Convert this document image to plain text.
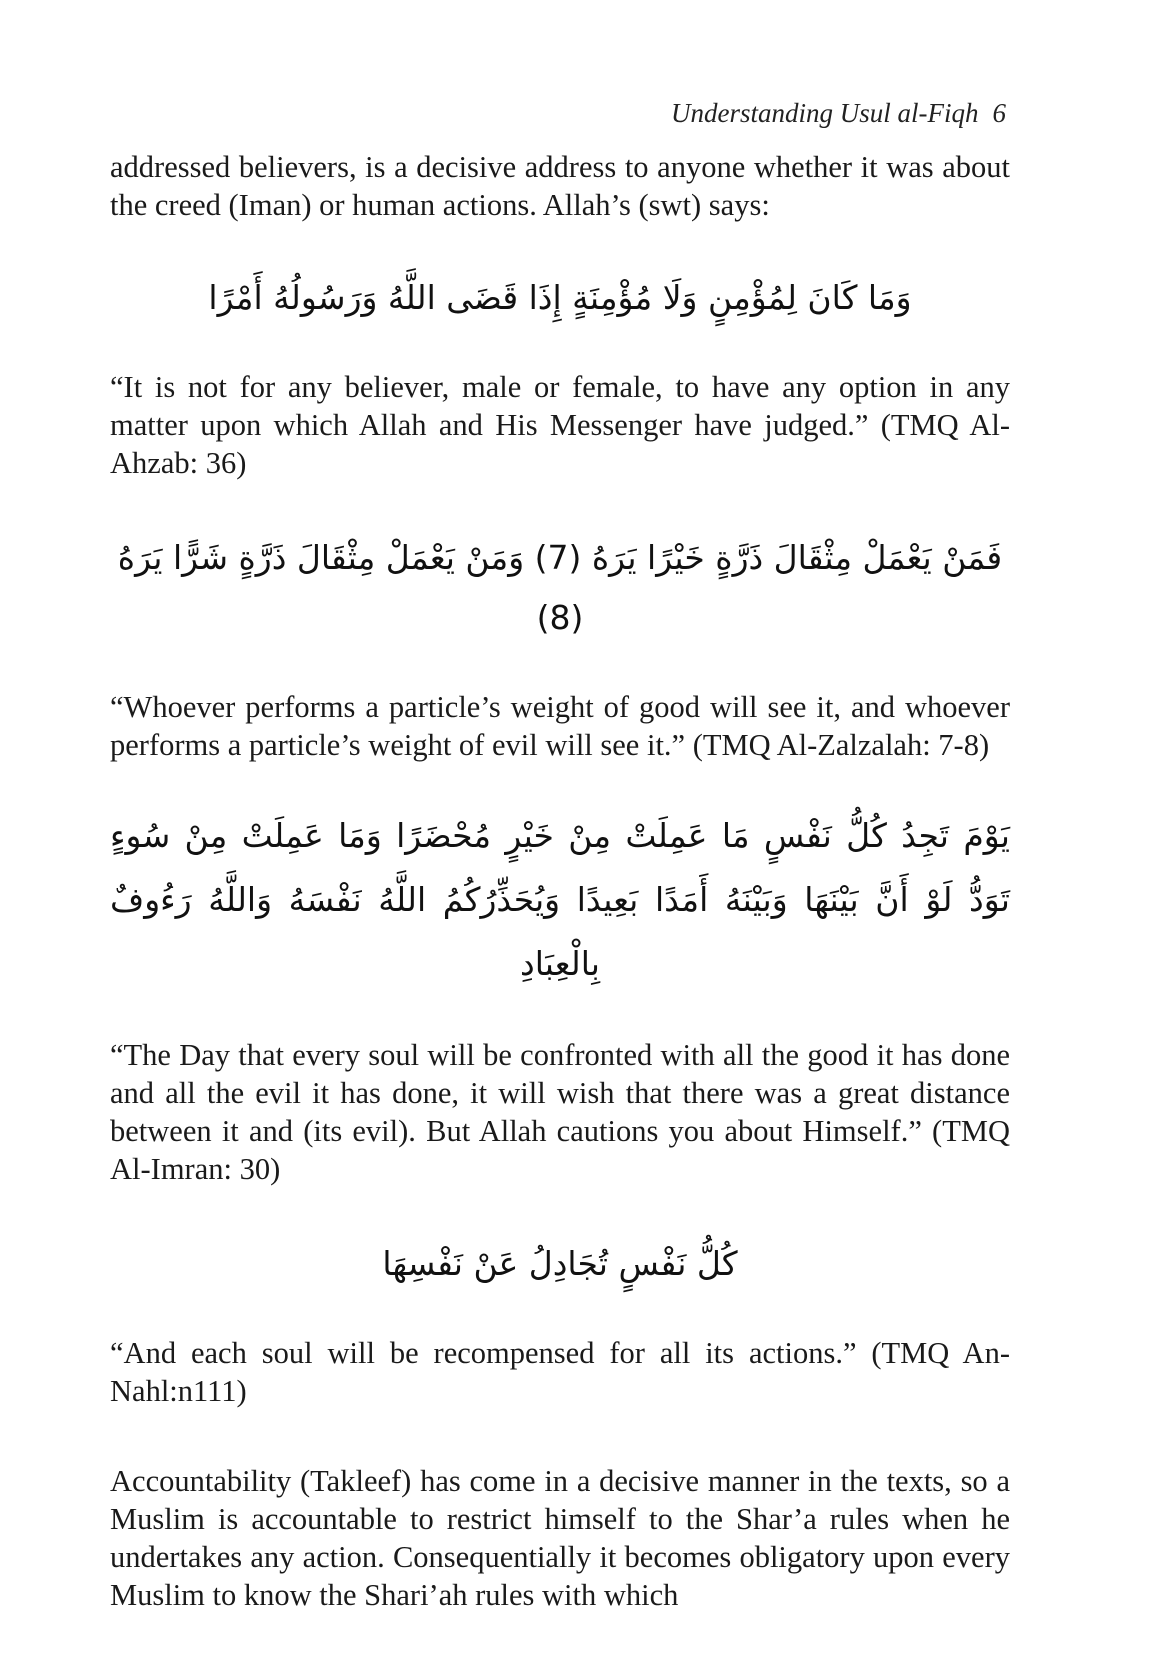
Understanding Usul al-Fiqh 6

addressed believers, is a decisive address to anyone whether it was about the creed (Iman) or human actions. Allah’s (swt) says:

وَمَا كَانَ لِمُؤْمِنٍ وَلَا مُؤْمِنَةٍ إِذَا قَضَى اللَّهُ وَرَسُولُهُ أَمْرًا

“It is not for any believer, male or female, to have any option in any matter upon which Allah and His Messenger have judged.” (TMQ Al-Ahzab: 36)

فَمَنْ يَعْمَلْ مِثْقَالَ ذَرَّةٍ خَيْرًا يَرَهُ (7) وَمَنْ يَعْمَلْ مِثْقَالَ ذَرَّةٍ شَرًّا يَرَهُ (8)

“Whoever performs a particle’s weight of good will see it, and whoever performs a particle’s weight of evil will see it.” (TMQ Al-Zalzalah: 7-8)

يَوْمَ تَجِدُ كُلُّ نَفْسٍ مَا عَمِلَتْ مِنْ خَيْرٍ مُحْضَرًا وَمَا عَمِلَتْ مِنْ سُوءٍ تَوَدُّ لَوْ أَنَّ بَيْنَهَا وَبَيْنَهُ أَمَدًا بَعِيدًا وَيُحَذِّرُكُمُ اللَّهُ نَفْسَهُ وَاللَّهُ رَءُوفٌ بِالْعِبَادِ

“The Day that every soul will be confronted with all the good it has done and all the evil it has done, it will wish that there was a great distance between it and (its evil). But Allah cautions you about Himself.” (TMQ Al-Imran: 30)

كُلُّ نَفْسٍ تُجَادِلُ عَنْ نَفْسِهَا

“And each soul will be recompensed for all its actions.” (TMQ An-Nahl:n111)

Accountability (Takleef) has come in a decisive manner in the texts, so a Muslim is accountable to restrict himself to the Shar’a rules when he undertakes any action. Consequentially it becomes obligatory upon every Muslim to know the Shari’ah rules with which
